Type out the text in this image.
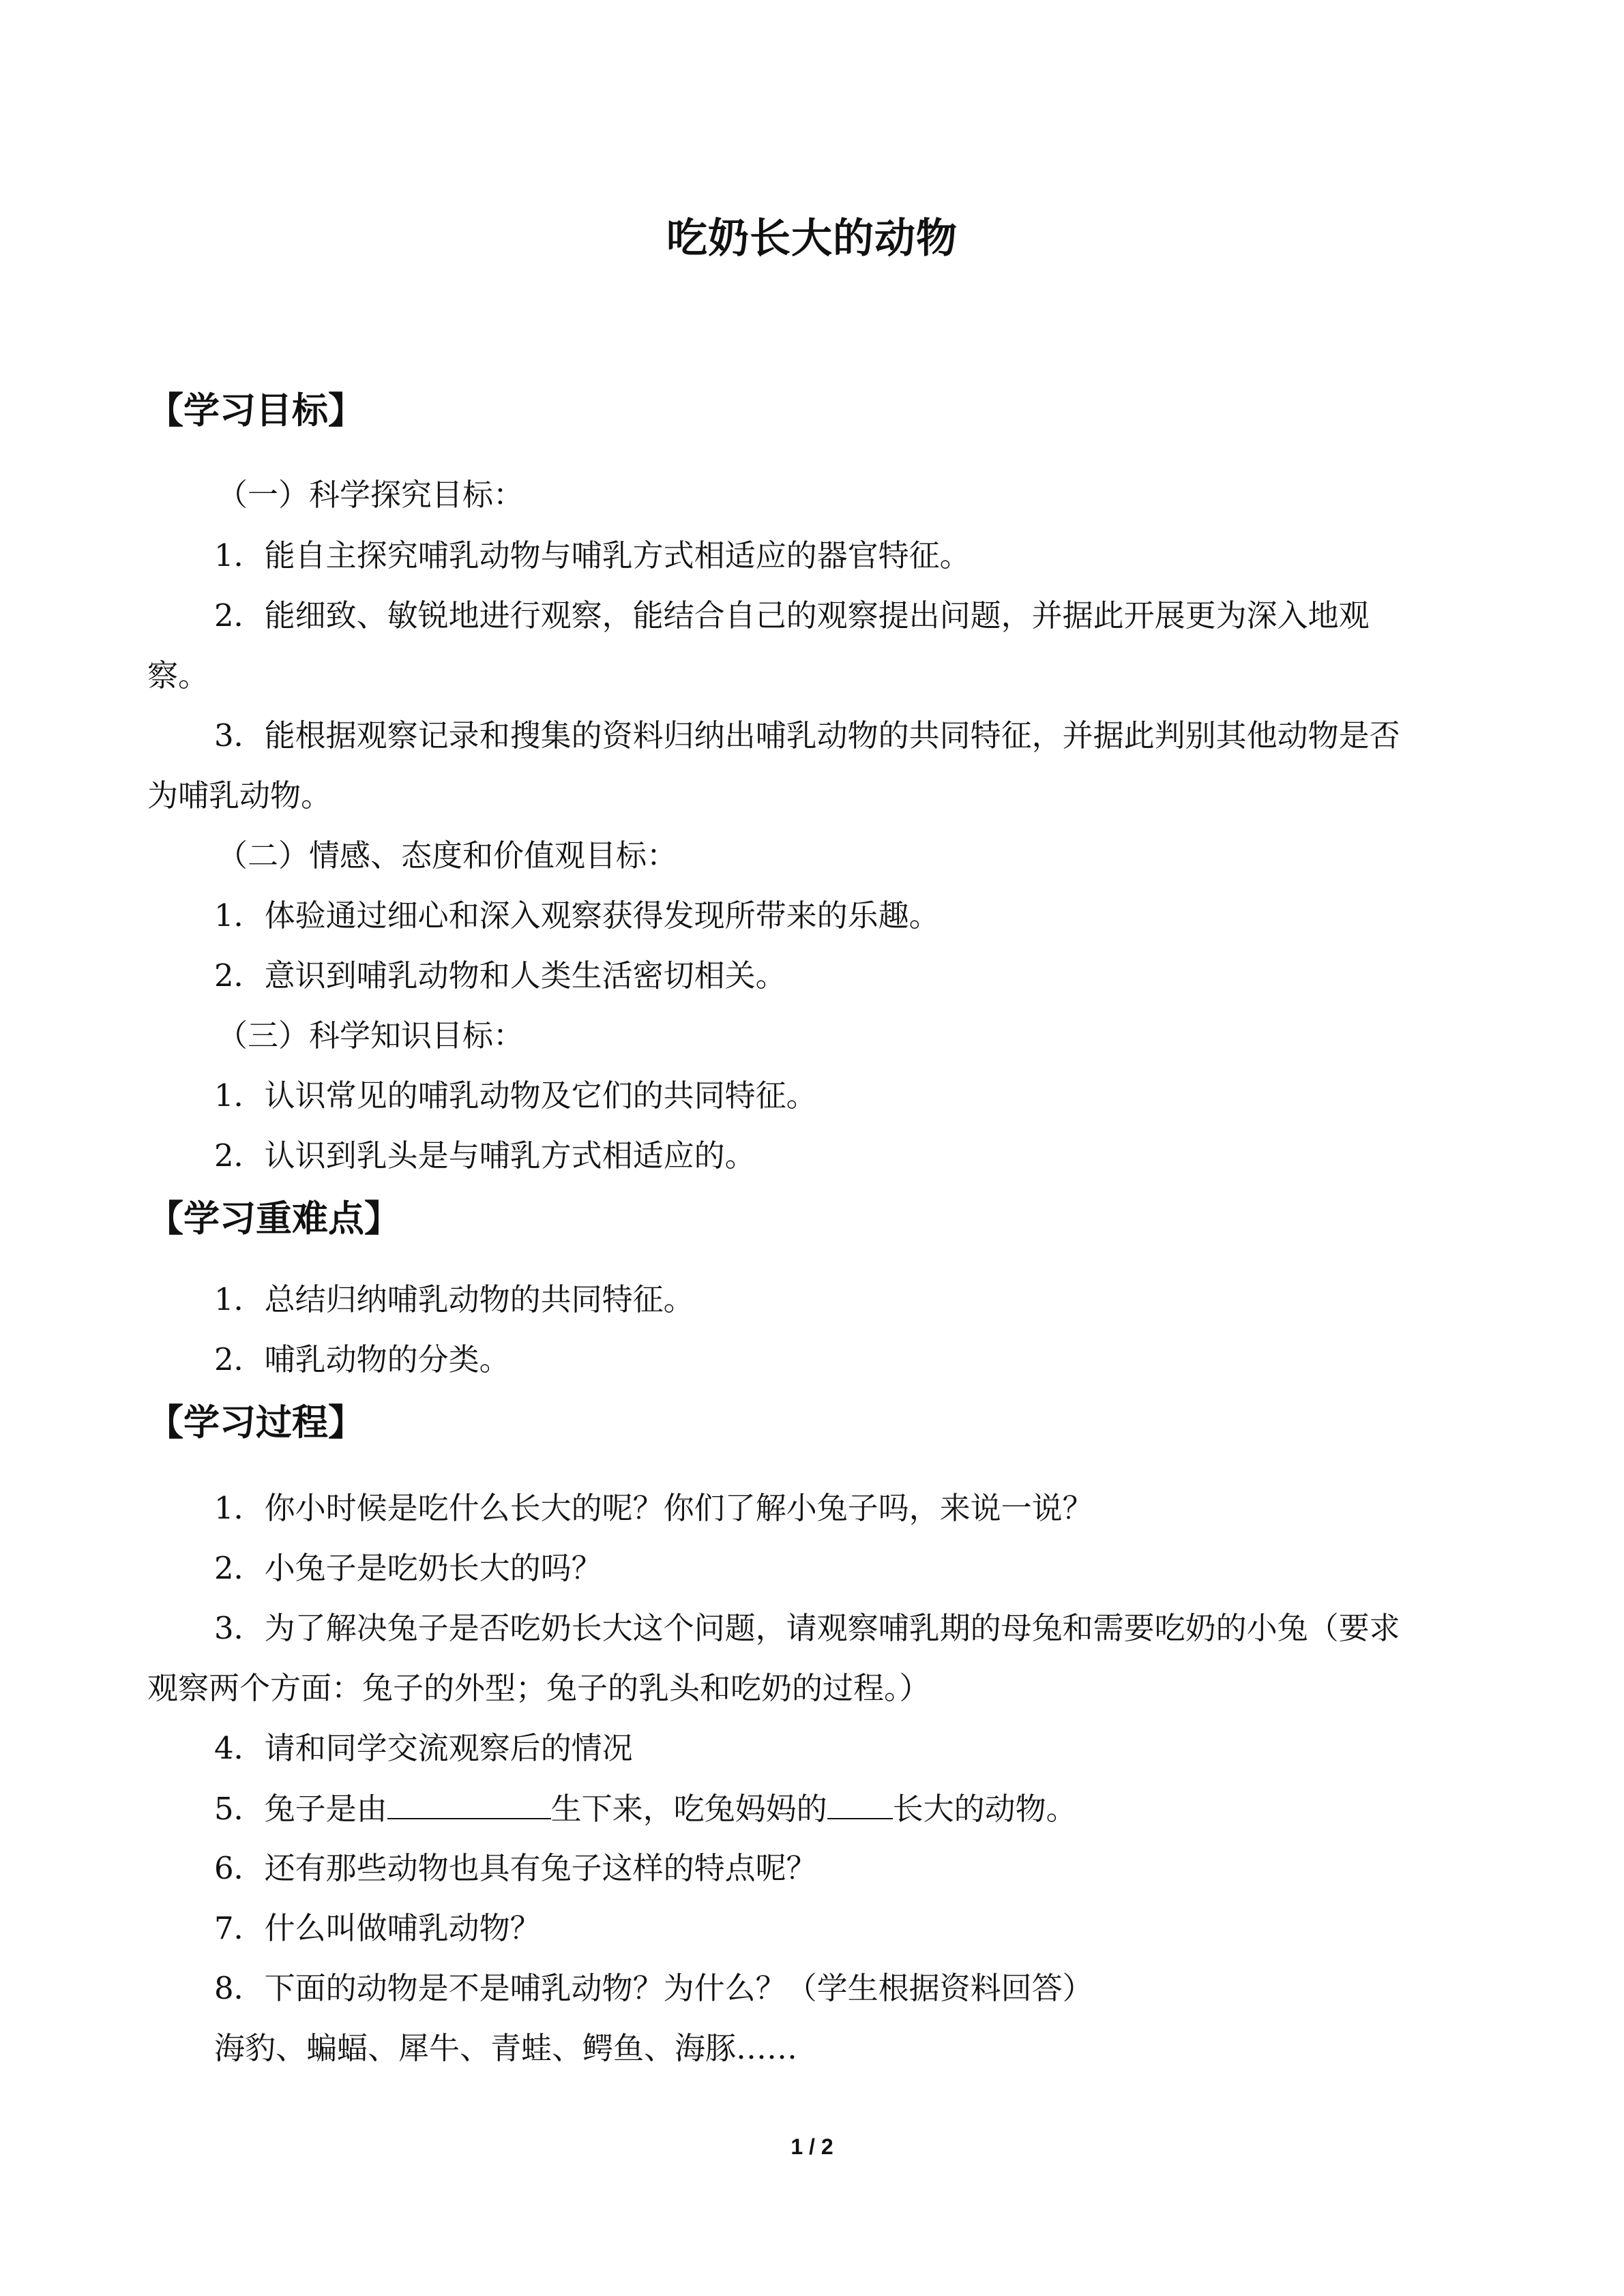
吃奶长大的动物
【学习目标】
（一）科学探究目标：
1．能自主探究哺乳动物与哺乳方式相适应的器官特征。
2．能细致、敏锐地进行观察，能结合自己的观察提出问题，并据此开展更为深入地观
察。
3．能根据观察记录和搜集的资料归纳出哺乳动物的共同特征，并据此判别其他动物是否
为哺乳动物。
（二）情感、态度和价值观目标：
1．体验通过细心和深入观察获得发现所带来的乐趣。
2．意识到哺乳动物和人类生活密切相关。
（三）科学知识目标：
1．认识常见的哺乳动物及它们的共同特征。
2．认识到乳头是与哺乳方式相适应的。
【学习重难点】
1．总结归纳哺乳动物的共同特征。
2．哺乳动物的分类。
【学习过程】
1．你小时候是吃什么长大的呢？你们了解小兔子吗，来说一说？
2．小兔子是吃奶长大的吗？
3．为了解决兔子是否吃奶长大这个问题，请观察哺乳期的母兔和需要吃奶的小兔（要求
观察两个方面：兔子的外型；兔子的乳头和吃奶的过程。）
4．请和同学交流观察后的情况
5．兔子是由	生下来，吃兔妈妈的 长大的动物。
6．还有那些动物也具有兔子这样的特点呢？
7．什么叫做哺乳动物？
8．下面的动物是不是哺乳动物？为什么？（学生根据资料回答）
海豹、蝙蝠、犀牛、青蛙、鳄鱼、海豚……
1 / 2
